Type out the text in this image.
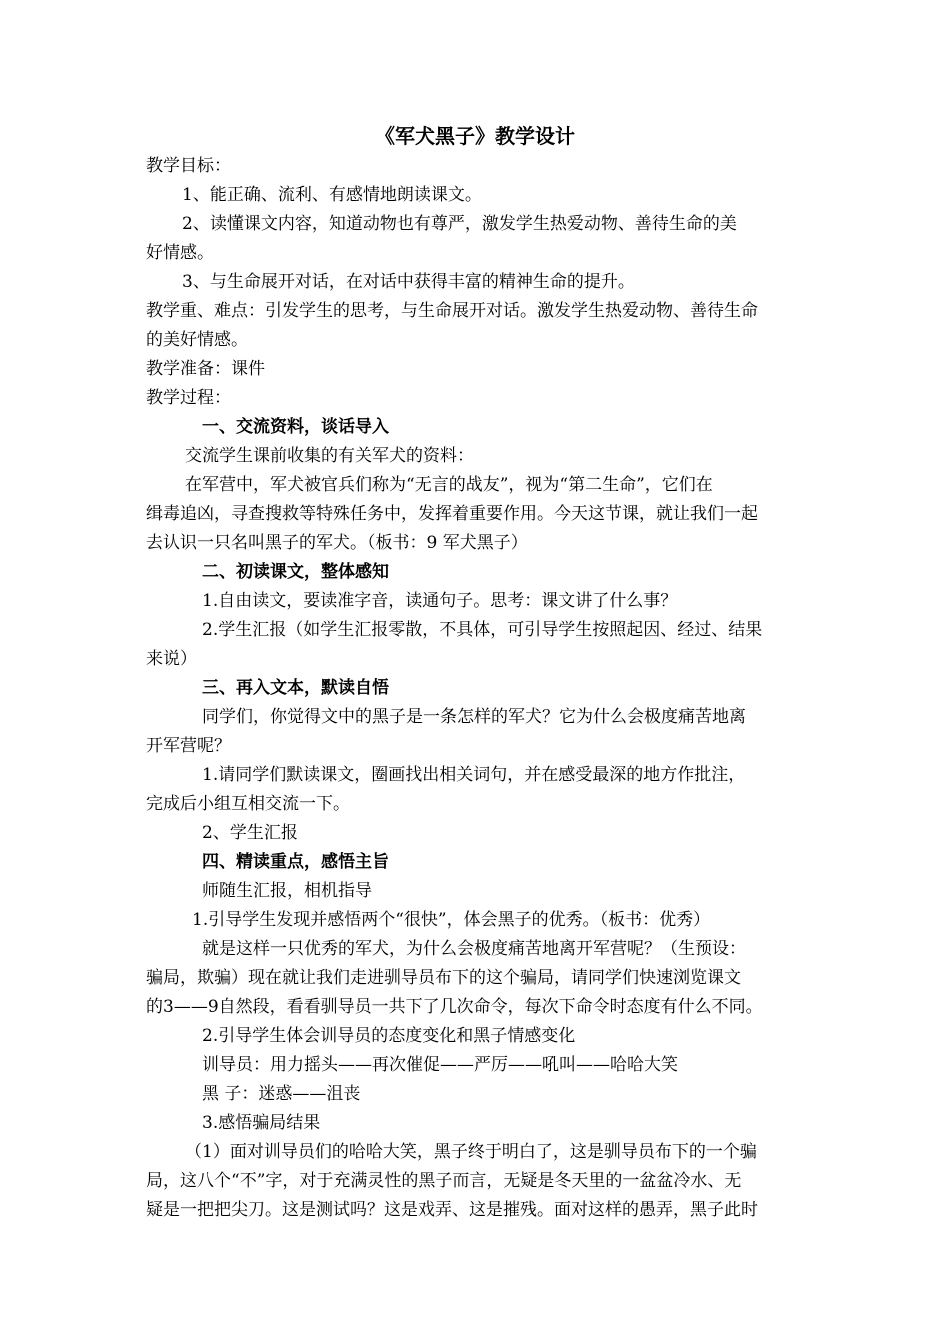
《军犬黑子》教学设计
教学目标：
1、能正确、流利、有感情地朗读课文。
2、读懂课文内容，知道动物也有尊严，激发学生热爱动物、善待生命的美
好情感。
3、与生命展开对话，在对话中获得丰富的精神生命的提升。
教学重、难点：引发学生的思考，与生命展开对话。激发学生热爱动物、善待生命
的美好情感。
教学准备：课件
教学过程：
一、交流资料，谈话导入
交流学生课前收集的有关军犬的资料：
在军营中，军犬被官兵们称为“无言的战友”，视为“第二生命”，它们在
缉毒追凶，寻查搜救等特殊任务中，发挥着重要作用。今天这节课，就让我们一起
去认识一只名叫黑子的军犬。（板书：9 军犬黑子）
二、初读课文，整体感知
1.自由读文，要读准字音，读通句子。思考：课文讲了什么事？
2.学生汇报（如学生汇报零散，不具体，可引导学生按照起因、经过、结果
来说）
三、再入文本，默读自悟
同学们，你觉得文中的黑子是一条怎样的军犬？它为什么会极度痛苦地离
开军营呢？
1.请同学们默读课文，圈画找出相关词句，并在感受最深的地方作批注，
完成后小组互相交流一下。
2、学生汇报
四、精读重点，感悟主旨
师随生汇报，相机指导
1.引导学生发现并感悟两个“很快”，体会黑子的优秀。（板书：优秀）
就是这样一只优秀的军犬，为什么会极度痛苦地离开军营呢？（生预设：
骗局，欺骗）现在就让我们走进驯导员布下的这个骗局，请同学们快速浏览课文
的3——9自然段，看看驯导员一共下了几次命令，每次下命令时态度有什么不同。
2.引导学生体会训导员的态度变化和黑子情感变化
训导员：用力摇头——再次催促——严厉——吼叫——哈哈大笑
黑 子：迷惑——沮丧
3.感悟骗局结果
（1）面对训导员们的哈哈大笑，黑子终于明白了，这是驯导员布下的一个骗
局，这八个“不”字，对于充满灵性的黑子而言，无疑是冬天里的一盆盆冷水、无
疑是一把把尖刀。这是测试吗？这是戏弄、这是摧残。面对这样的愚弄，黑子此时
